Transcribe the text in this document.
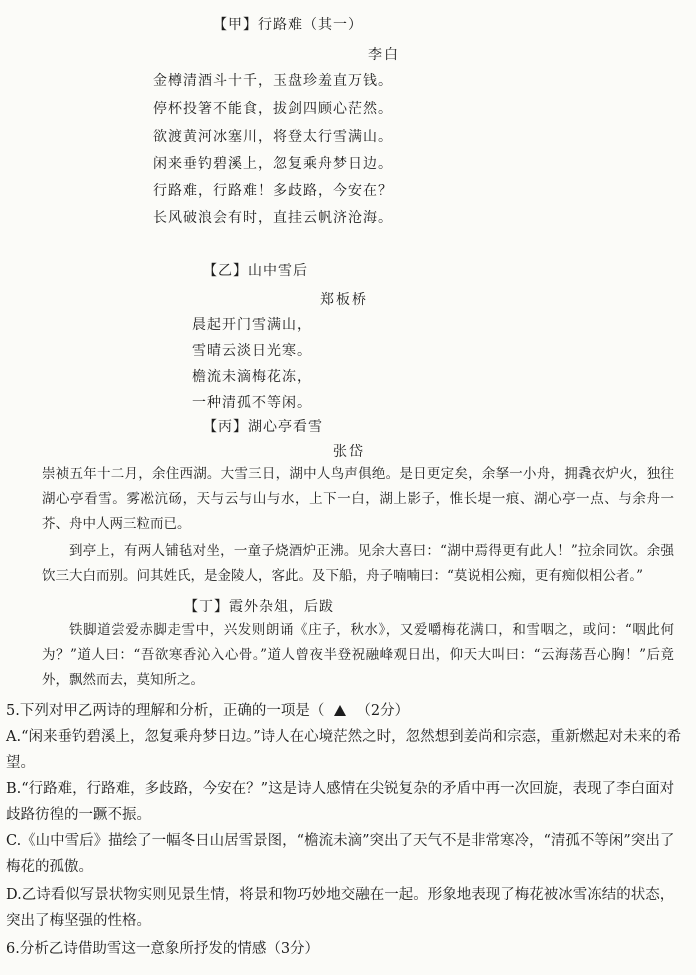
【甲】行路难（其一）
李白
金樽清酒斗十千，玉盘珍羞直万钱。
停杯投箸不能食，拔剑四顾心茫然。
欲渡黄河冰塞川，将登太行雪满山。
闲来垂钓碧溪上，忽复乘舟梦日边。
行路难，行路难！多歧路，今安在？
长风破浪会有时，直挂云帆济沧海。
【乙】山中雪后
郑板桥
晨起开门雪满山，
雪晴云淡日光寒。
檐流未滴梅花冻，
一种清孤不等闲。
【丙】湖心亭看雪
张岱
崇祯五年十二月，余住西湖。大雪三日，湖中人鸟声俱绝。是日更定矣，余拏一小舟，拥毳衣炉火，独往湖心亭看雪。雾凇沆砀，天与云与山与水，上下一白，湖上影子，惟长堤一痕、湖心亭一点、与余舟一芥、舟中人两三粒而已。
到亭上，有两人铺毡对坐，一童子烧酒炉正沸。见余大喜曰：“湖中焉得更有此人！”拉余同饮。余强饮三大白而别。问其姓氏，是金陵人，客此。及下船，舟子喃喃曰：“莫说相公痴，更有痴似相公者。”
【丁】霞外杂俎，后跋
铁脚道尝爱赤脚走雪中，兴发则朗诵《庄子，秋水》，又爱嚼梅花满口，和雪咽之，或问：“咽此何为？”道人曰：“吾欲寒香沁入心骨。”道人曾夜半登祝融峰观日出，仰天大叫曰：“云海荡吾心胸！”后竟外，飘然而去，莫知所之。
5.下列对甲乙两诗的理解和分析，正确的一项是（ （2分）
A.“闲来垂钓碧溪上，忽复乘舟梦日边。”诗人在心境茫然之时，忽然想到姜尚和宗悫，重新燃起对未来的希望。
B.“行路难，行路难，多歧路，今安在？”这是诗人感情在尖锐复杂的矛盾中再一次回旋，表现了李白面对歧路彷徨的一蹶不振。
C.《山中雪后》描绘了一幅冬日山居雪景图，“檐流未滴”突出了天气不是非常寒冷，“清孤不等闲”突出了梅花的孤傲。
D.乙诗看似写景状物实则见景生情，将景和物巧妙地交融在一起。形象地表现了梅花被冰雪冻结的状态，突出了梅坚强的性格。
6.分析乙诗借助雪这一意象所抒发的情感（3分）
